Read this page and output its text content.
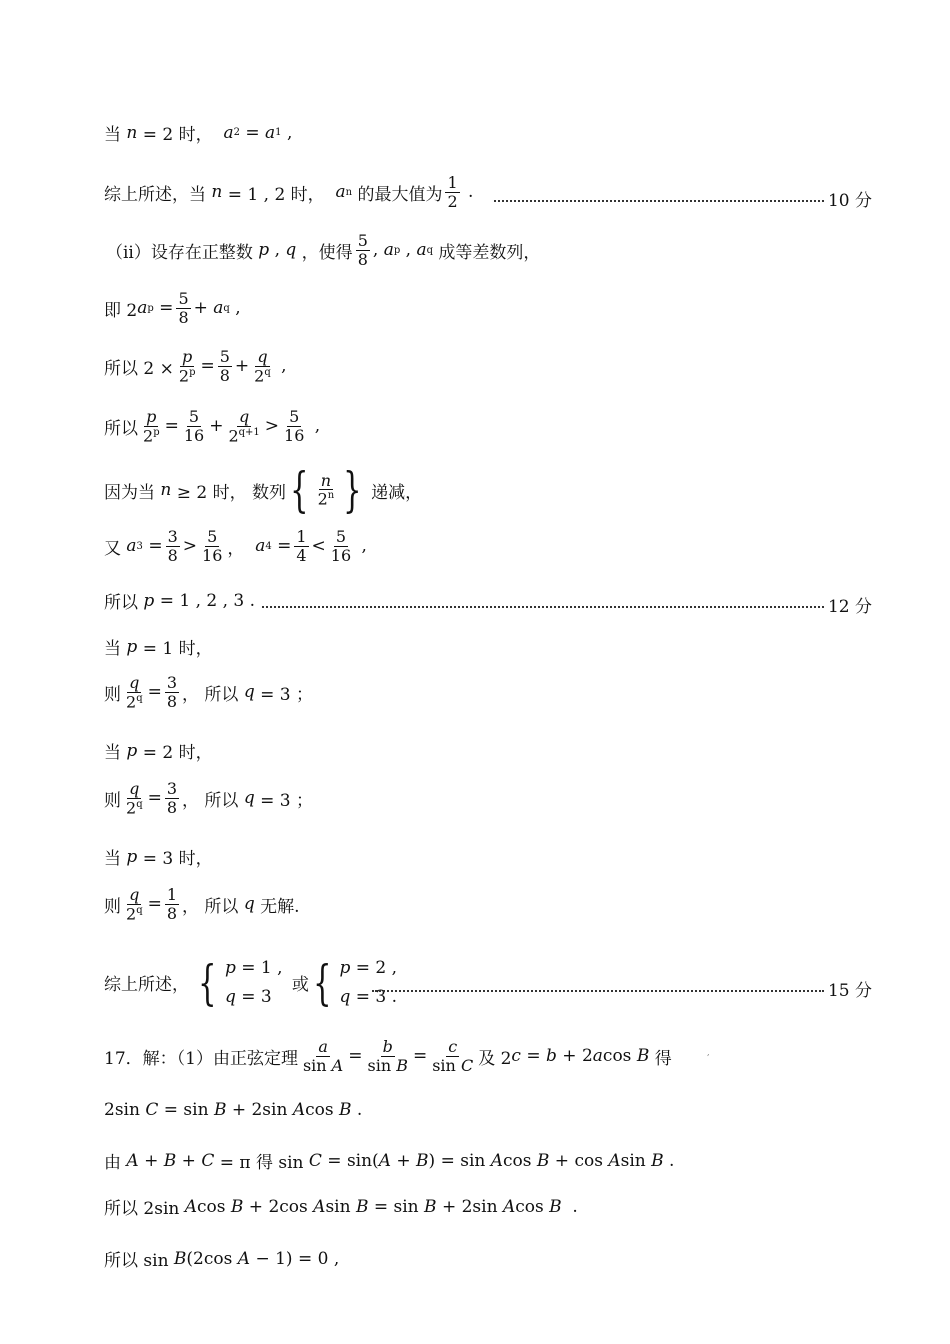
当 n = 2 时， a 2 = a 1 ,
综上所述，当 n = 1 , 2 时， a n 的最大值为 $\frac{1}{2}$ .	10 分
（ii）设存在正整数 p , q ，使得 $\frac{5}{8}$ , a p , a q 成等差数列，
即 2 a $p = \frac{5}{8} + a$ q ,
所以 $2 \times \frac{p}{2^p} = \frac{5}{8} + \frac{q}{2^q}$ ,
所以 $\frac{p}{2^p} = \frac{5}{16} + \frac{q}{2^{q+1}} > \frac{5}{16}$ ,
因为当 n ≥ 2 时， 数列 { $\frac{n}{2^n}$ } 递减，
又 a $3 = \frac{3}{8} > \frac{5}{16}$ ， a $4 = \frac{1}{4} < \frac{5}{16}$ ,
所以 p = 1 , 2 , 3 .	12 分
当 p = 1 时，
则 $\frac{q}{2^q} = \frac{3}{8}$ ， 所以 q = 3 ；
当 p = 2 时，
则 $\frac{q}{2^q} = \frac{3}{8}$ ， 所以 q = 3 ；
当 p = 3 时，
则 $\frac{q}{2^q} = \frac{1}{8}$ ， 所以 q 无解.
综上所述， { p = 1 ,
q = 3
或 { p = 2 ,
q = 3 .	15 分
17．解：（1）由正弦定理 $\frac{a}{\text{sin A}} = \frac{b}{\text{sin B}} = \frac{c}{\text{sin C}}$ 及 2 c = b + 2 a cos B 得	,
2sin C = sin B + 2sin A cos B .
由 A + B + C = π 得 sin C = sin( A + B ) = sin A cos B + cos A sin B .
所以 2sin A cos B + 2cos A sin B = sin B + 2sin A cos B .
所以 sin B (2cos A − 1) = 0 ,
